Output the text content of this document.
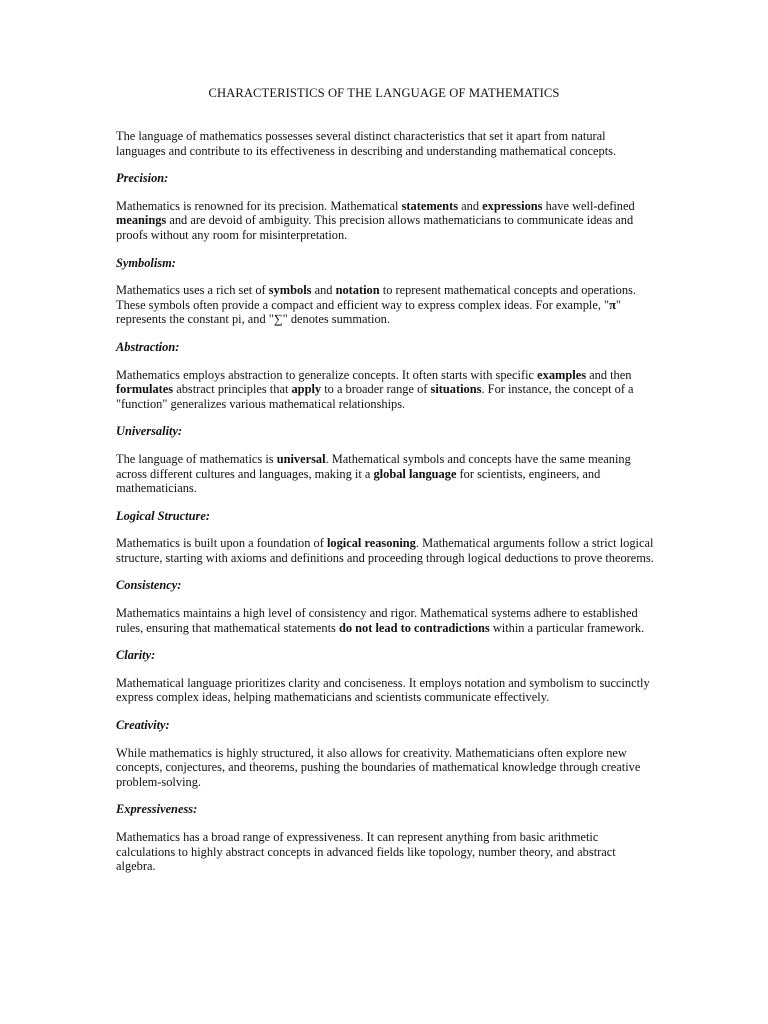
CHARACTERISTICS OF THE LANGUAGE OF MATHEMATICS

The language of mathematics possesses several distinct characteristics that set it apart from natural languages and contribute to its effectiveness in describing and understanding mathematical concepts.

Precision:

Mathematics is renowned for its precision. Mathematical statements and expressions have well-defined meanings and are devoid of ambiguity. This precision allows mathematicians to communicate ideas and proofs without any room for misinterpretation.

Symbolism:

Mathematics uses a rich set of symbols and notation to represent mathematical concepts and operations. These symbols often provide a compact and efficient way to express complex ideas. For example, "π" represents the constant pi, and "∑" denotes summation.

Abstraction:

Mathematics employs abstraction to generalize concepts. It often starts with specific examples and then formulates abstract principles that apply to a broader range of situations. For instance, the concept of a "function" generalizes various mathematical relationships.

Universality:

The language of mathematics is universal. Mathematical symbols and concepts have the same meaning across different cultures and languages, making it a global language for scientists, engineers, and mathematicians.

Logical Structure:

Mathematics is built upon a foundation of logical reasoning. Mathematical arguments follow a strict logical structure, starting with axioms and definitions and proceeding through logical deductions to prove theorems.

Consistency:

Mathematics maintains a high level of consistency and rigor. Mathematical systems adhere to established rules, ensuring that mathematical statements do not lead to contradictions within a particular framework.

Clarity:

Mathematical language prioritizes clarity and conciseness. It employs notation and symbolism to succinctly express complex ideas, helping mathematicians and scientists communicate effectively.

Creativity:

While mathematics is highly structured, it also allows for creativity. Mathematicians often explore new concepts, conjectures, and theorems, pushing the boundaries of mathematical knowledge through creative problem-solving.

Expressiveness:

Mathematics has a broad range of expressiveness. It can represent anything from basic arithmetic calculations to highly abstract concepts in advanced fields like topology, number theory, and abstract algebra.
